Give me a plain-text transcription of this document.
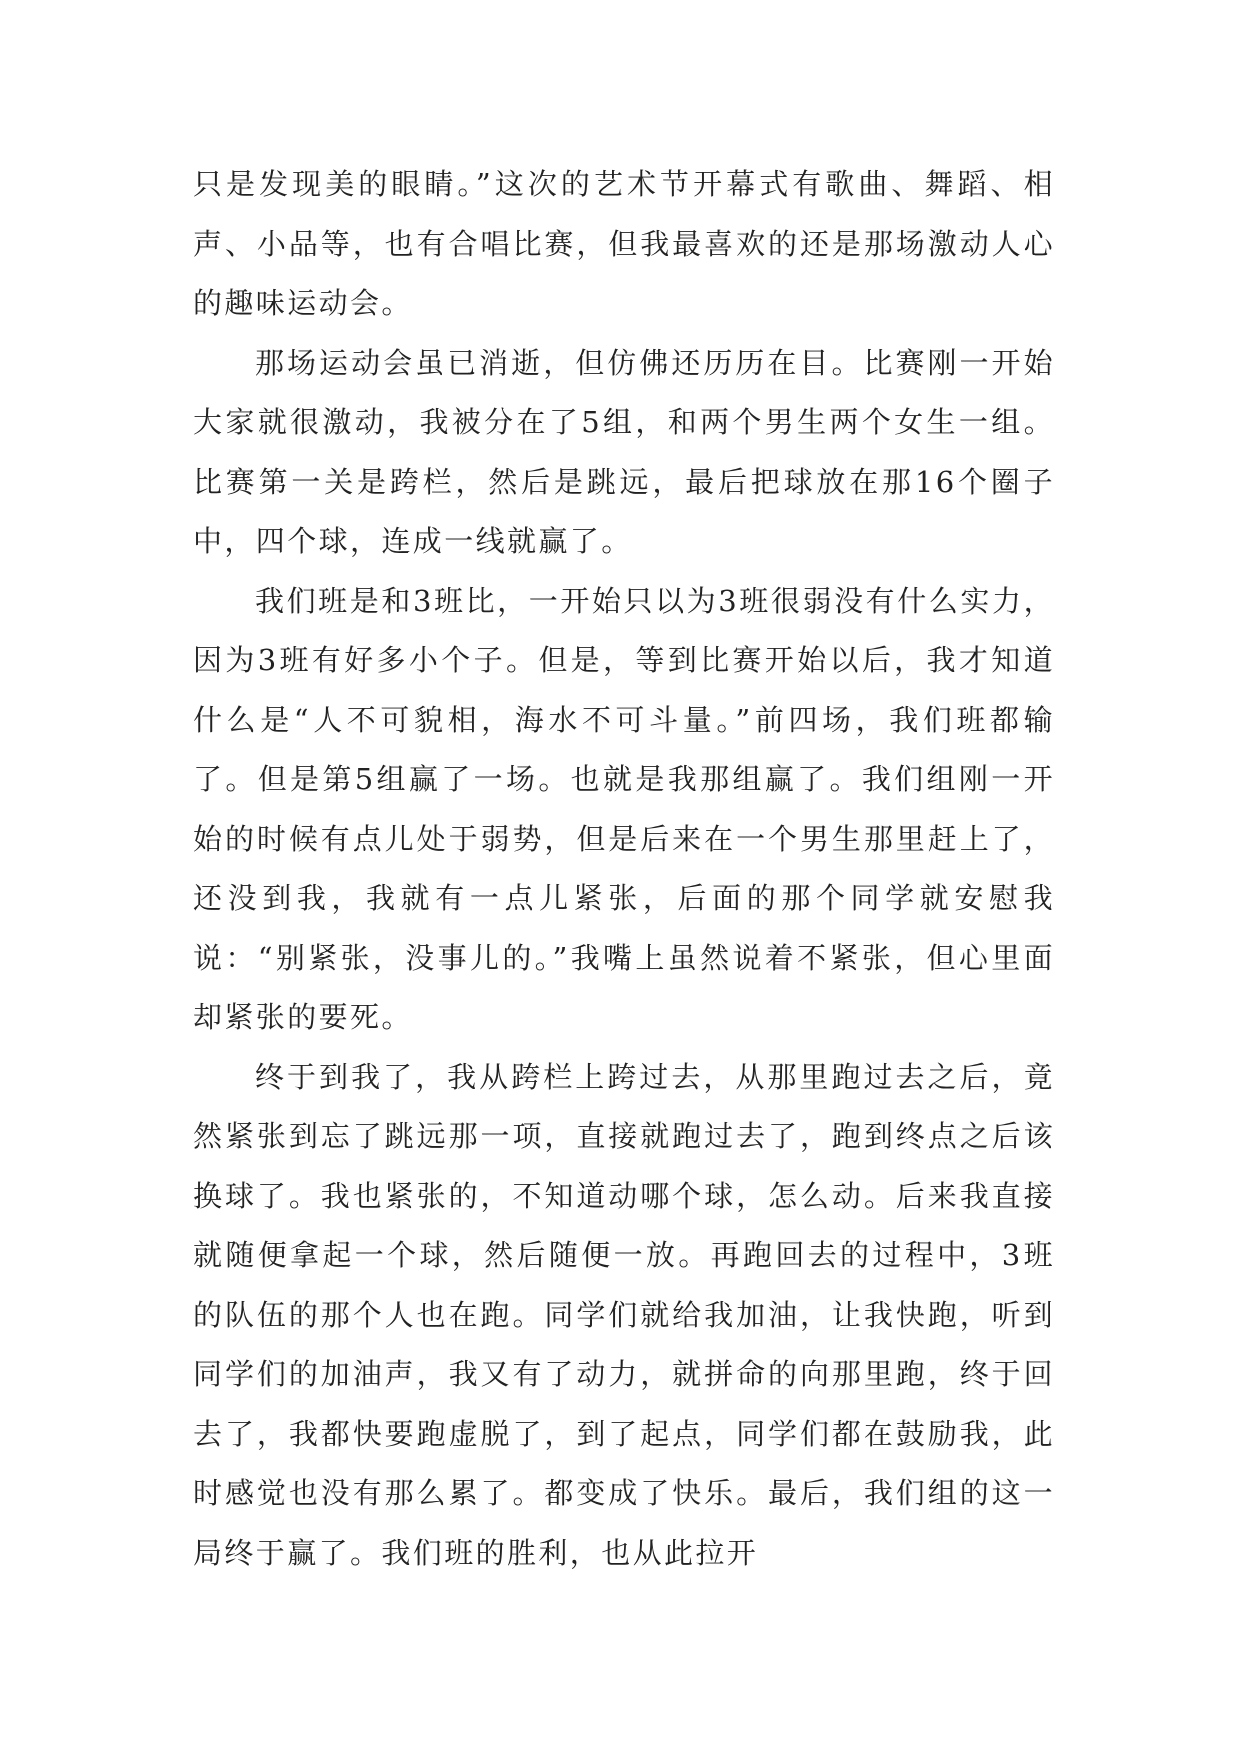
只是发现美的眼睛。”这次的艺术节开幕式有歌曲、舞蹈、相声、小品等，也有合唱比赛，但我最喜欢的还是那场激动人心的趣味运动会。

那场运动会虽已消逝，但仿佛还历历在目。比赛刚一开始大家就很激动，我被分在了5组，和两个男生两个女生一组。比赛第一关是跨栏，然后是跳远，最后把球放在那16个圈子中，四个球，连成一线就赢了。

我们班是和3班比，一开始只以为3班很弱没有什么实力，因为3班有好多小个子。但是，等到比赛开始以后，我才知道什么是“人不可貌相，海水不可斗量。”前四场，我们班都输了。但是第5组赢了一场。也就是我那组赢了。我们组刚一开始的时候有点儿处于弱势，但是后来在一个男生那里赶上了，还没到我，我就有一点儿紧张，后面的那个同学就安慰我说：“别紧张，没事儿的。”我嘴上虽然说着不紧张，但心里面却紧张的要死。

终于到我了，我从跨栏上跨过去，从那里跑过去之后，竟然紧张到忘了跳远那一项，直接就跑过去了，跑到终点之后该换球了。我也紧张的，不知道动哪个球，怎么动。后来我直接就随便拿起一个球，然后随便一放。再跑回去的过程中，3班的队伍的那个人也在跑。同学们就给我加油，让我快跑，听到同学们的加油声，我又有了动力，就拼命的向那里跑，终于回去了，我都快要跑虚脱了，到了起点，同学们都在鼓励我，此时感觉也没有那么累了。都变成了快乐。最后，我们组的这一局终于赢了。我们班的胜利，也从此拉开
